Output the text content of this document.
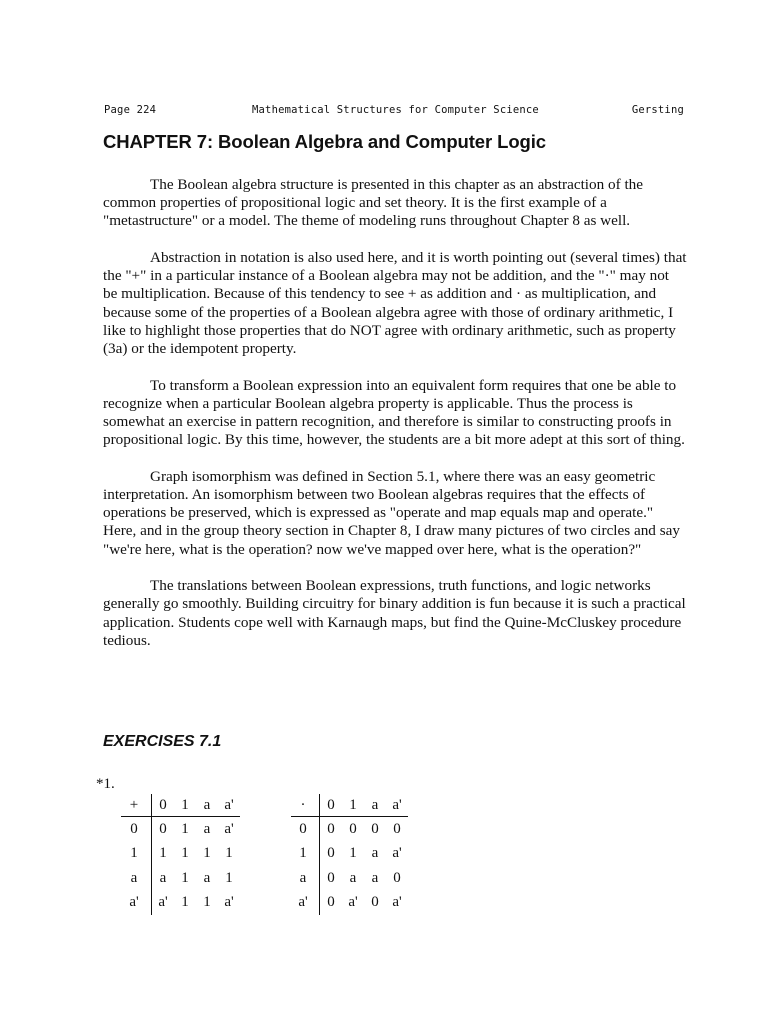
Page 224	Mathematical Structures for Computer Science	Gersting
CHAPTER 7: Boolean Algebra and Computer Logic

The Boolean algebra structure is presented in this chapter as an abstraction of the common properties of propositional logic and set theory. It is the first example of a "metastructure" or a model. The theme of modeling runs throughout Chapter 8 as well.

Abstraction in notation is also used here, and it is worth pointing out (several times) that the "+" in a particular instance of a Boolean algebra may not be addition, and the "·" may not be multiplication. Because of this tendency to see + as addition and · as multiplication, and because some of the properties of a Boolean algebra agree with those of ordinary arithmetic, I like to highlight those properties that do NOT agree with ordinary arithmetic, such as property (3a) or the idempotent property.

To transform a Boolean expression into an equivalent form requires that one be able to recognize when a particular Boolean algebra property is applicable. Thus the process is somewhat an exercise in pattern recognition, and therefore is similar to constructing proofs in propositional logic. By this time, however, the students are a bit more adept at this sort of thing.

Graph isomorphism was defined in Section 5.1, where there was an easy geometric interpretation. An isomorphism between two Boolean algebras requires that the effects of operations be preserved, which is expressed as "operate and map equals map and operate." Here, and in the group theory section in Chapter 8, I draw many pictures of two circles and say "we're here, what is the operation? now we've mapped over here, what is the operation?"

The translations between Boolean expressions, truth functions, and logic networks generally go smoothly. Building circuitry for binary addition is fun because it is such a practical application. Students cope well with Karnaugh maps, but find the Quine-McCluskey procedure tedious.

EXERCISES 7.1
*1.
+	0	1	a	a'
0	0	1	a	a'
1	1	1	1	1
a	a	1	a	1
a'	a'	1	1	a'
·	0	1	a	a'
0	0	0	0	0
1	0	1	a	a'
a	0	a	a	0
a'	0	a'	0	a'
